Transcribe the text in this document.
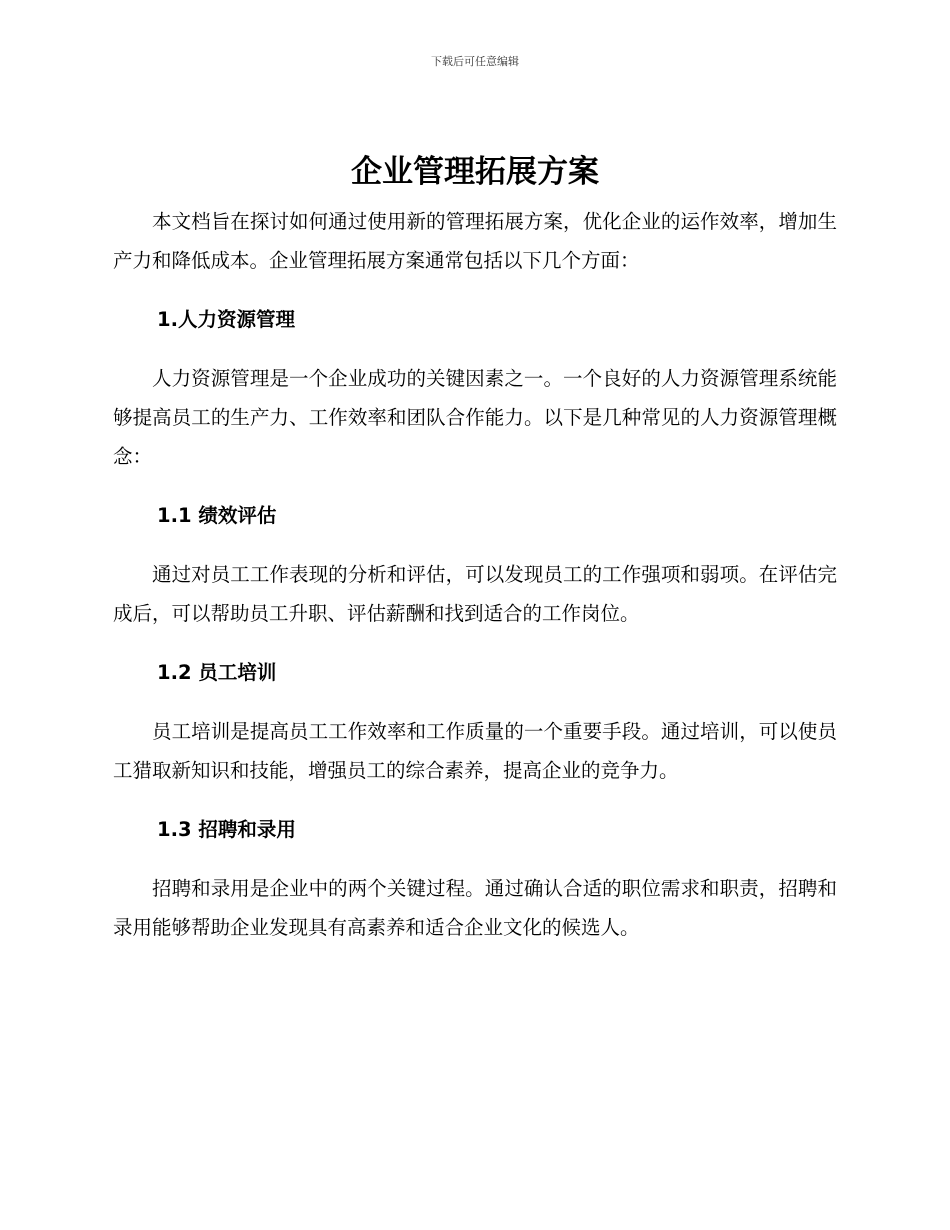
下载后可任意编辑
企业管理拓展方案

本文档旨在探讨如何通过使用新的管理拓展方案，优化企业的运作效率，增加生产力和降低成本。企业管理拓展方案通常包括以下几个方面：

1.人力资源管理

人力资源管理是一个企业成功的关键因素之一。一个良好的人力资源管理系统能够提高员工的生产力、工作效率和团队合作能力。以下是几种常见的人力资源管理概念：

1.1 绩效评估

通过对员工工作表现的分析和评估，可以发现员工的工作强项和弱项。在评估完成后，可以帮助员工升职、评估薪酬和找到适合的工作岗位。

1.2 员工培训

员工培训是提高员工工作效率和工作质量的一个重要手段。通过培训，可以使员工猎取新知识和技能，增强员工的综合素养，提高企业的竞争力。

1.3 招聘和录用

招聘和录用是企业中的两个关键过程。通过确认合适的职位需求和职责，招聘和录用能够帮助企业发现具有高素养和适合企业文化的候选人。
